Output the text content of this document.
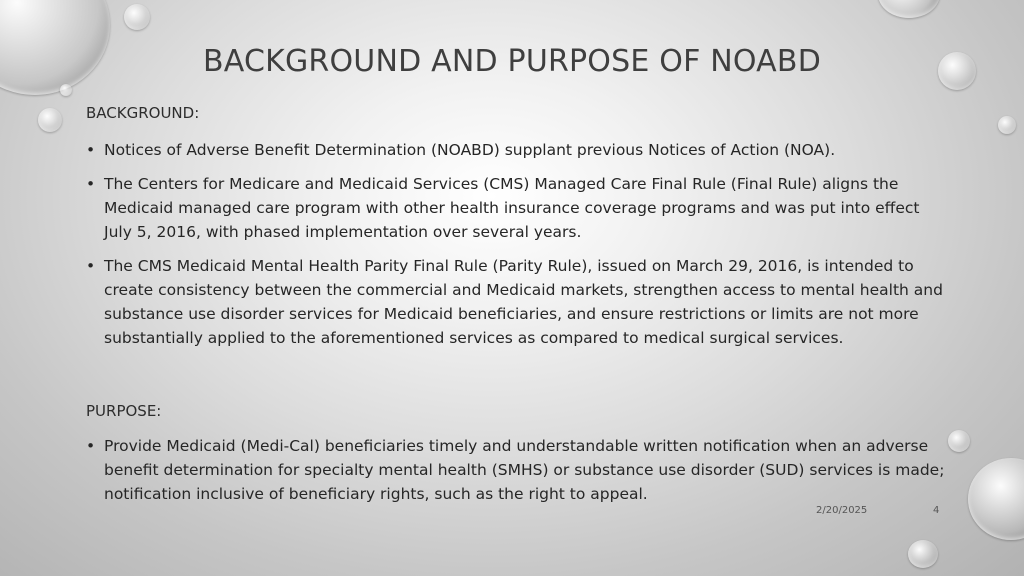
BACKGROUND AND PURPOSE OF NOABD
BACKGROUND:
• Notices of Adverse Benefit Determination (NOABD) supplant previous Notices of Action (NOA).
• The Centers for Medicare and Medicaid Services (CMS) Managed Care Final Rule (Final Rule) aligns the Medicaid managed care program with other health insurance coverage programs and was put into effect July 5, 2016, with phased implementation over several years.
• The CMS Medicaid Mental Health Parity Final Rule (Parity Rule), issued on March 29, 2016, is intended to create consistency between the commercial and Medicaid markets, strengthen access to mental health and substance use disorder services for Medicaid beneficiaries, and ensure restrictions or limits are not more substantially applied to the aforementioned services as compared to medical surgical services.
PURPOSE:
• Provide Medicaid (Medi-Cal) beneficiaries timely and understandable written notification when an adverse benefit determination for specialty mental health (SMHS) or substance use disorder (SUD) services is made; notification inclusive of beneficiary rights, such as the right to appeal.
2/20/2025	4
